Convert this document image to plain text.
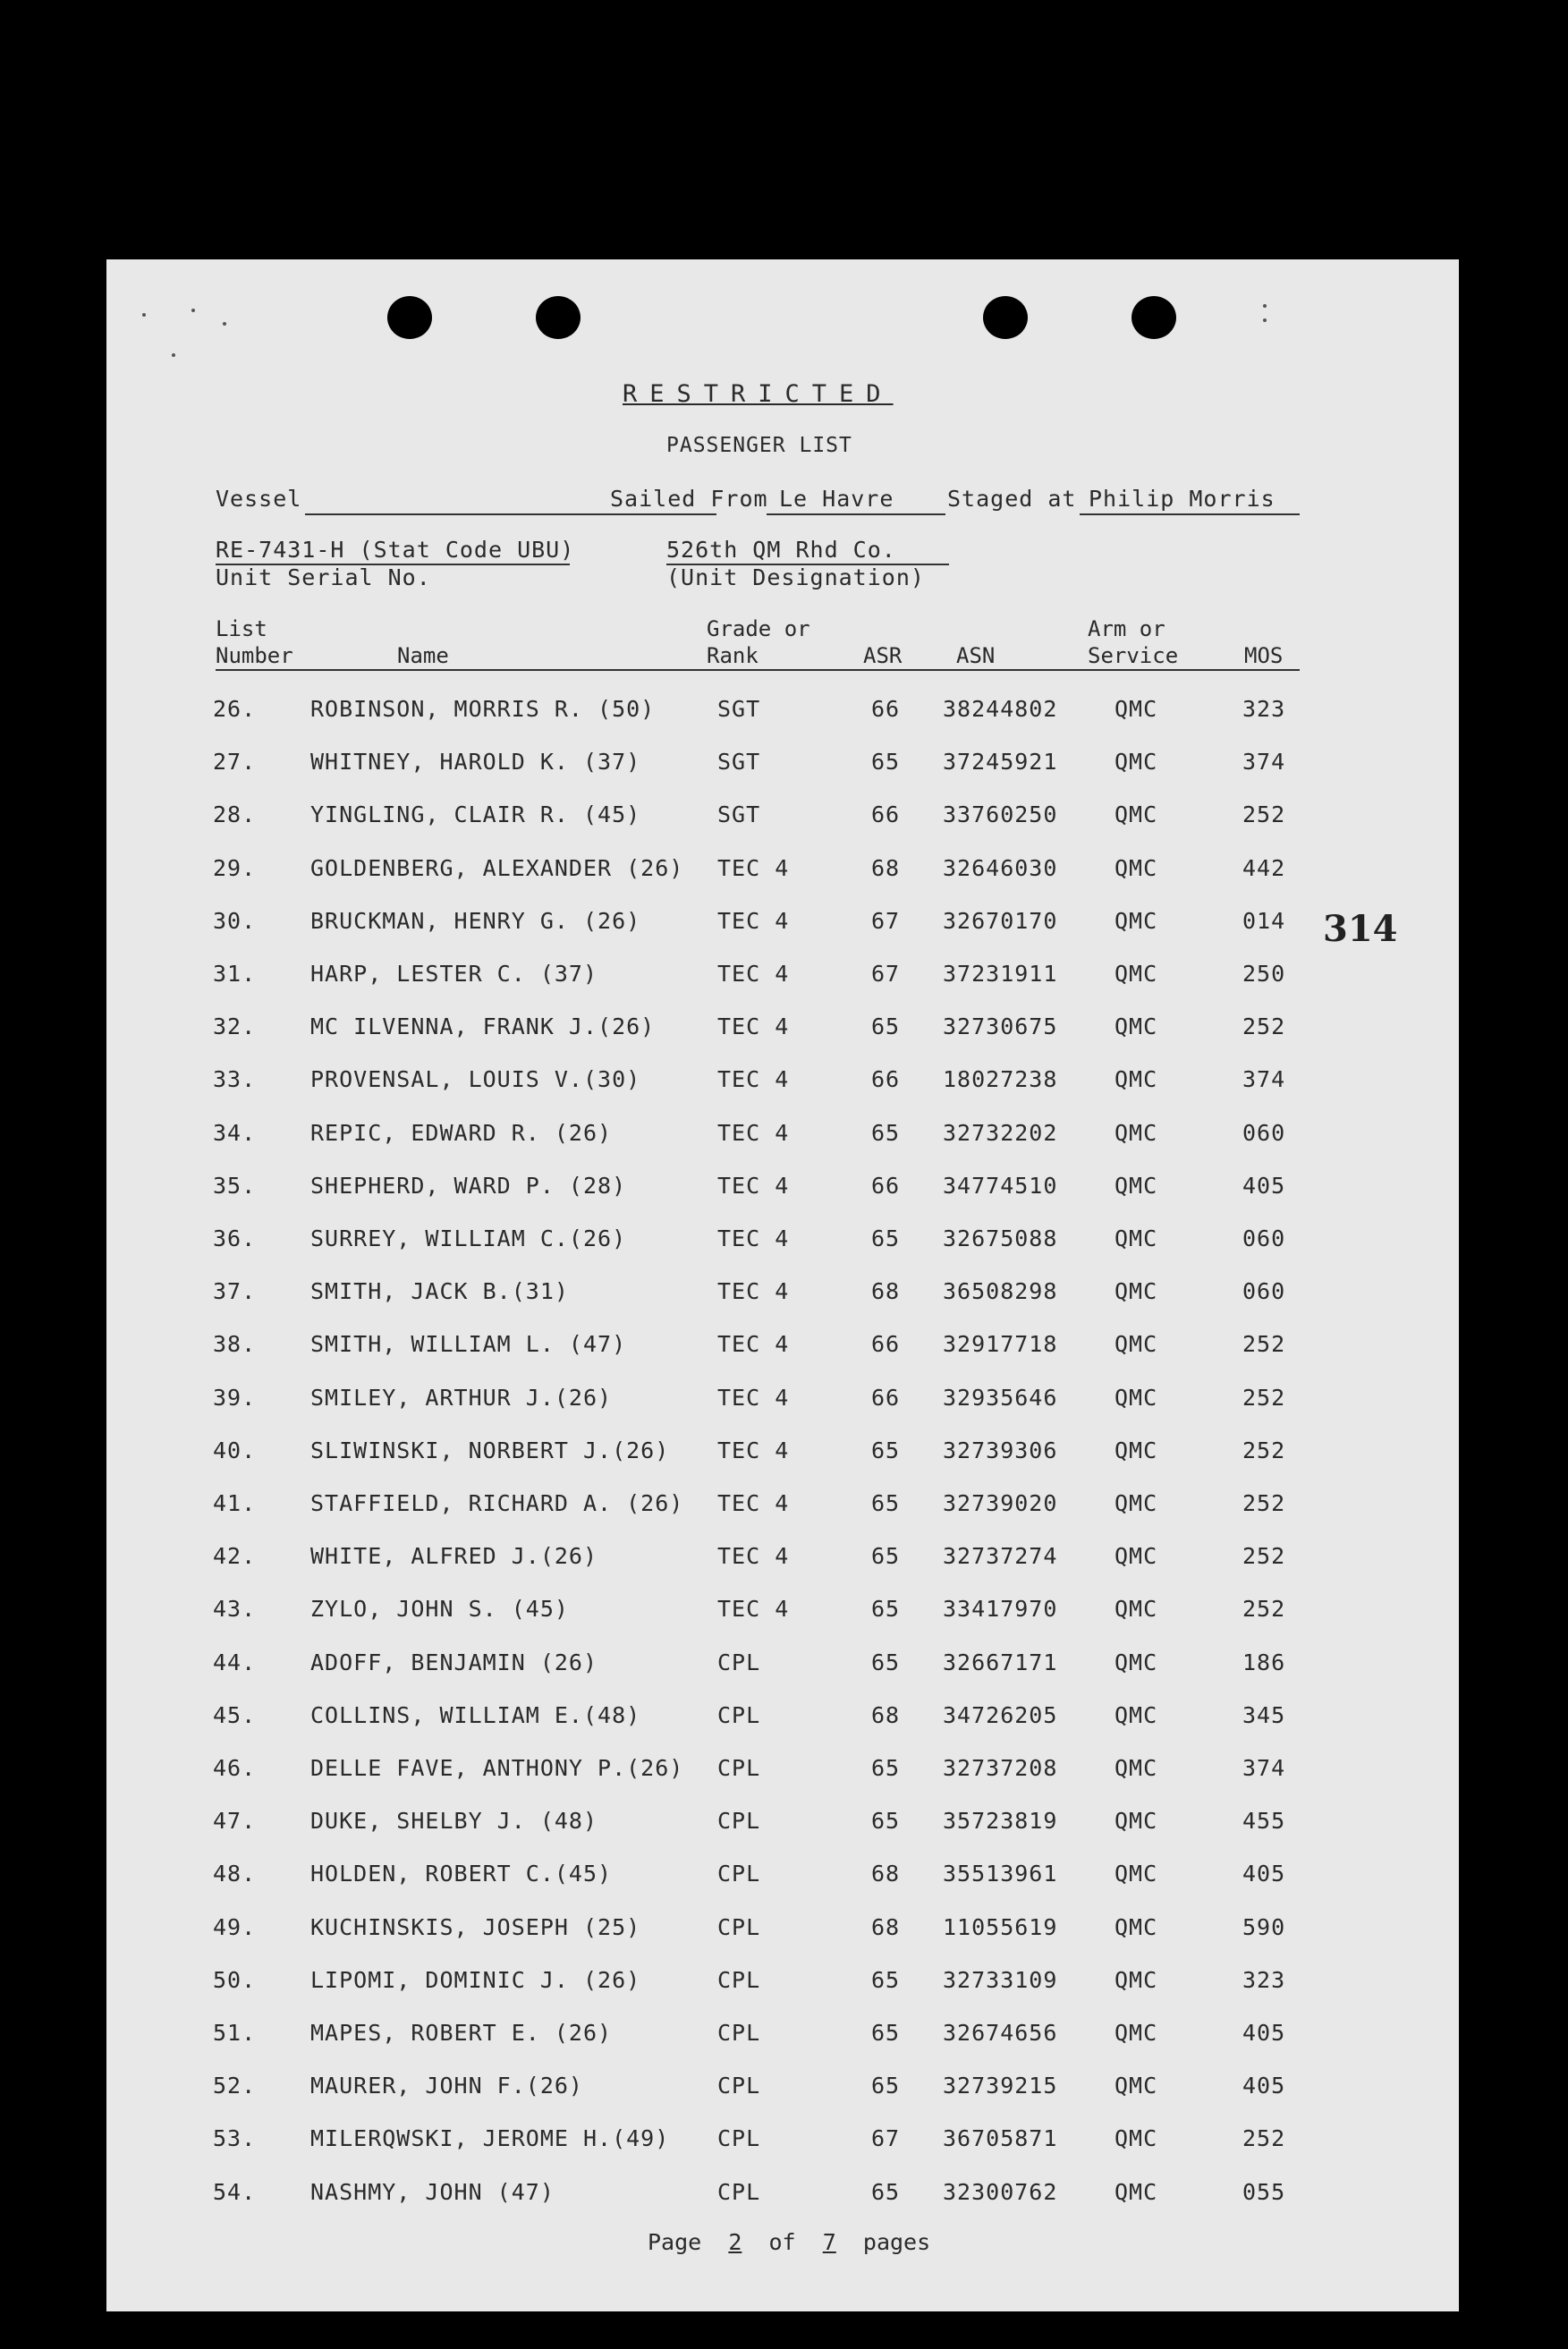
RESTRICTED
PASSENGER LIST
Vessel	Sailed From Le Havre Staged at Philip Morris
RE-7431-H (Stat Code UBU)
Unit Serial No.
526th QM Rhd Co.
(Unit Designation)
List
Number	Name
Grade or
Rank	ASR	ASN
Arm or
Service	MOS
26. ROBINSON, MORRIS R. (50)	SGT	66 38244802	QMC	323
27. WHITNEY, HAROLD K. (37)	SGT	65 37245921	QMC	374
28. YINGLING, CLAIR R. (45)	SGT	66 33760250	QMC	252
29. GOLDENBERG, ALEXANDER (26) TEC 4	68 32646030	QMC	442
30. BRUCKMAN, HENRY G. (26)	TEC 4	67 32670170	QMC	014
31. HARP, LESTER C. (37)	TEC 4	67 37231911	QMC	250
32. MC ILVENNA, FRANK J.(26)	TEC 4	65 32730675	QMC	252
33. PROVENSAL, LOUIS V.(30)	TEC 4	66 18027238	QMC	374
34. REPIC, EDWARD R. (26)	TEC 4	65 32732202	QMC	060
35. SHEPHERD, WARD P. (28)	TEC 4	66 34774510	QMC	405
36. SURREY, WILLIAM C.(26)	TEC 4	65 32675088	QMC	060
37. SMITH, JACK B.(31)	TEC 4	68 36508298	QMC	060
38. SMITH, WILLIAM L. (47)	TEC 4	66 32917718	QMC	252
39. SMILEY, ARTHUR J.(26)	TEC 4	66 32935646	QMC	252
40. SLIWINSKI, NORBERT J.(26) TEC 4	65 32739306	QMC	252
41. STAFFIELD, RICHARD A. (26) TEC 4	65 32739020	QMC	252
42. WHITE, ALFRED J.(26)	TEC 4	65 32737274	QMC	252
43. ZYLO, JOHN S. (45)	TEC 4	65 33417970	QMC	252
44. ADOFF, BENJAMIN (26)	CPL	65 32667171	QMC	186
45. COLLINS, WILLIAM E.(48)	CPL	68 34726205	QMC	345
46. DELLE FAVE, ANTHONY P.(26) CPL	65 32737208	QMC	374
47. DUKE, SHELBY J. (48)	CPL	65 35723819	QMC	455
48. HOLDEN, ROBERT C.(45)	CPL	68 35513961	QMC	405
49. KUCHINSKIS, JOSEPH (25)	CPL	68 11055619	QMC	590
50. LIPOMI, DOMINIC J. (26)	CPL	65 32733109	QMC	323
51. MAPES, ROBERT E. (26)	CPL	65 32674656	QMC	405
52. MAURER, JOHN F.(26)	CPL	65 32739215	QMC	405
53. MILERQWSKI, JEROME H.(49) CPL	67 36705871	QMC	252
54. NASHMY, JOHN (47)	CPL	65 32300762	QMC	055
314
Page 2 of 7 pages
